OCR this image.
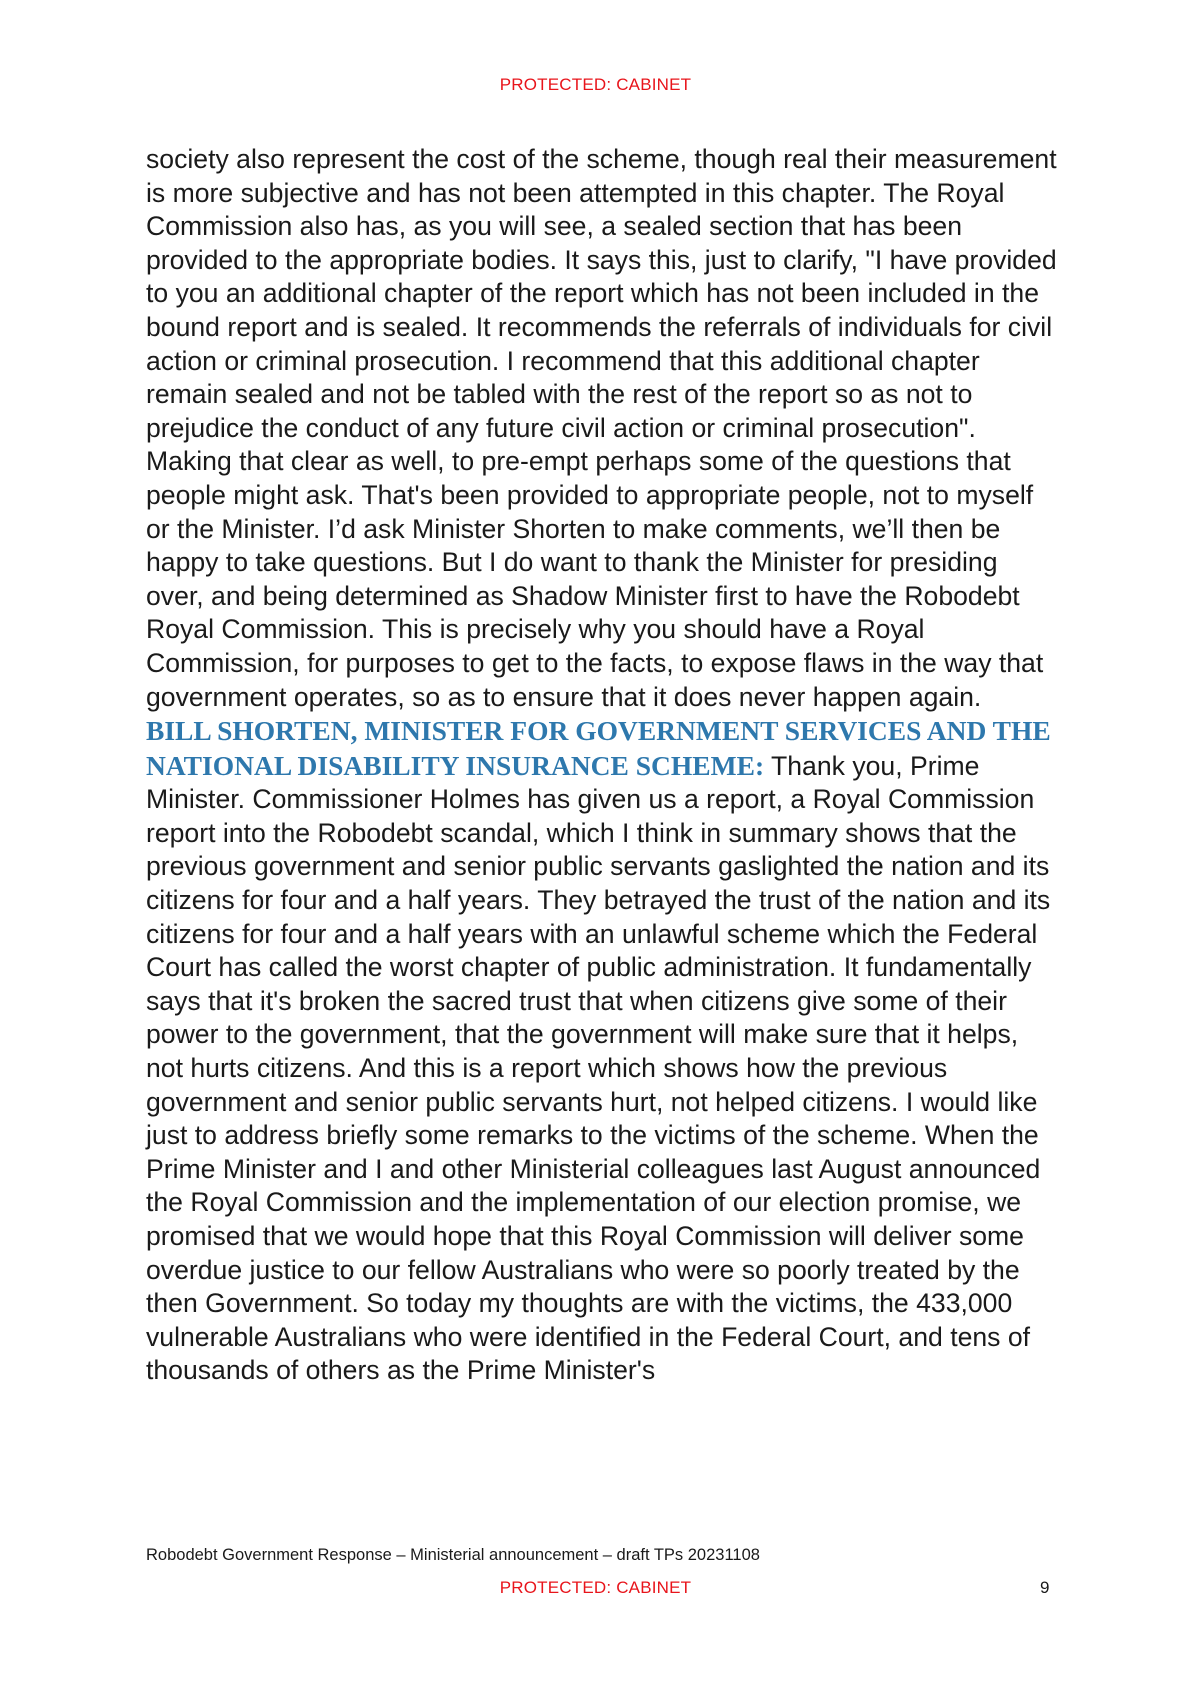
PROTECTED: CABINET

society also represent the cost of the scheme, though real their measurement is more subjective and has not been attempted in this chapter. The Royal Commission also has, as you will see, a sealed section that has been provided to the appropriate bodies. It says this, just to clarify, "I have provided to you an additional chapter of the report which has not been included in the bound report and is sealed. It recommends the referrals of individuals for civil action or criminal prosecution. I recommend that this additional chapter remain sealed and not be tabled with the rest of the report so as not to prejudice the conduct of any future civil action or criminal prosecution". Making that clear as well, to pre-empt perhaps some of the questions that people might ask. That's been provided to appropriate people, not to myself or the Minister. I’d ask Minister Shorten to make comments, we’ll then be happy to take questions. But I do want to thank the Minister for presiding over, and being determined as Shadow Minister first to have the Robodebt Royal Commission. This is precisely why you should have a Royal Commission, for purposes to get to the facts, to expose flaws in the way that government operates, so as to ensure that it does never happen again.

BILL SHORTEN, MINISTER FOR GOVERNMENT SERVICES AND THE NATIONAL DISABILITY INSURANCE SCHEME: Thank you, Prime Minister. Commissioner Holmes has given us a report, a Royal Commission report into the Robodebt scandal, which I think in summary shows that the previous government and senior public servants gaslighted the nation and its citizens for four and a half years. They betrayed the trust of the nation and its citizens for four and a half years with an unlawful scheme which the Federal Court has called the worst chapter of public administration. It fundamentally says that it's broken the sacred trust that when citizens give some of their power to the government, that the government will make sure that it helps, not hurts citizens. And this is a report which shows how the previous government and senior public servants hurt, not helped citizens. I would like just to address briefly some remarks to the victims of the scheme. When the Prime Minister and I and other Ministerial colleagues last August announced the Royal Commission and the implementation of our election promise, we promised that we would hope that this Royal Commission will deliver some overdue justice to our fellow Australians who were so poorly treated by the then Government. So today my thoughts are with the victims, the 433,000 vulnerable Australians who were identified in the Federal Court, and tens of thousands of others as the Prime Minister's

Robodebt Government Response – Ministerial announcement – draft TPs 20231108
PROTECTED: CABINET	9
